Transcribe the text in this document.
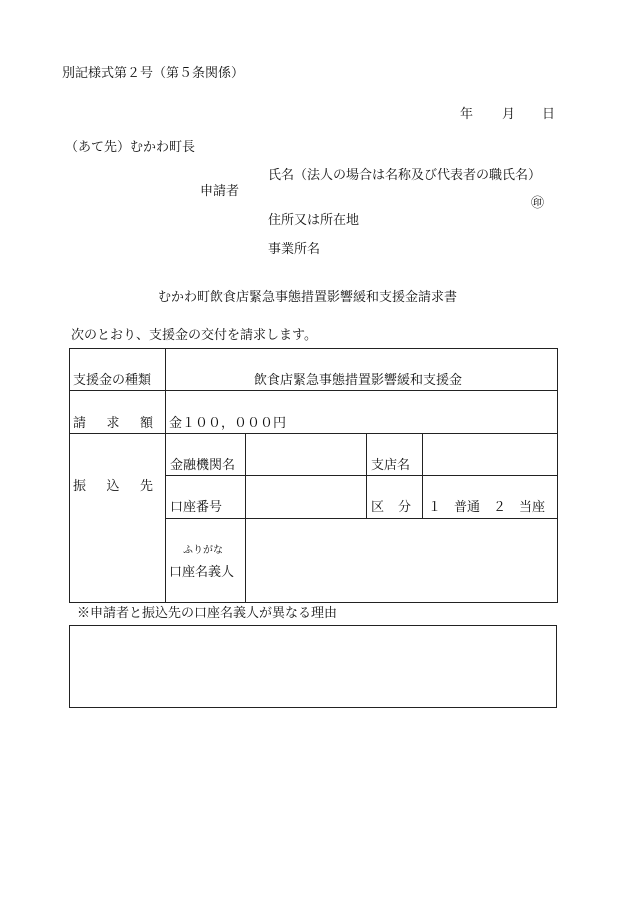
別記様式第２号（第５条関係）
年 月 日
（あて先）むかわ町長
申請者
氏名（法人の場合は名称及び代表者の職氏名）
㊞
住所又は所在地
事業所名
むかわ町飲食店緊急事態措置影響緩和支援金請求書
次のとおり、支援金の交付を請求します。
支援金の種類	飲食店緊急事態措置影響緩和支援金
請 求 額 金１００，０００円
振 込 先
金融機関名	支店名
口座番号	区 分 １　普通　２　当座
ふりがな
口座名義人
※申請者と振込先の口座名義人が異なる理由
